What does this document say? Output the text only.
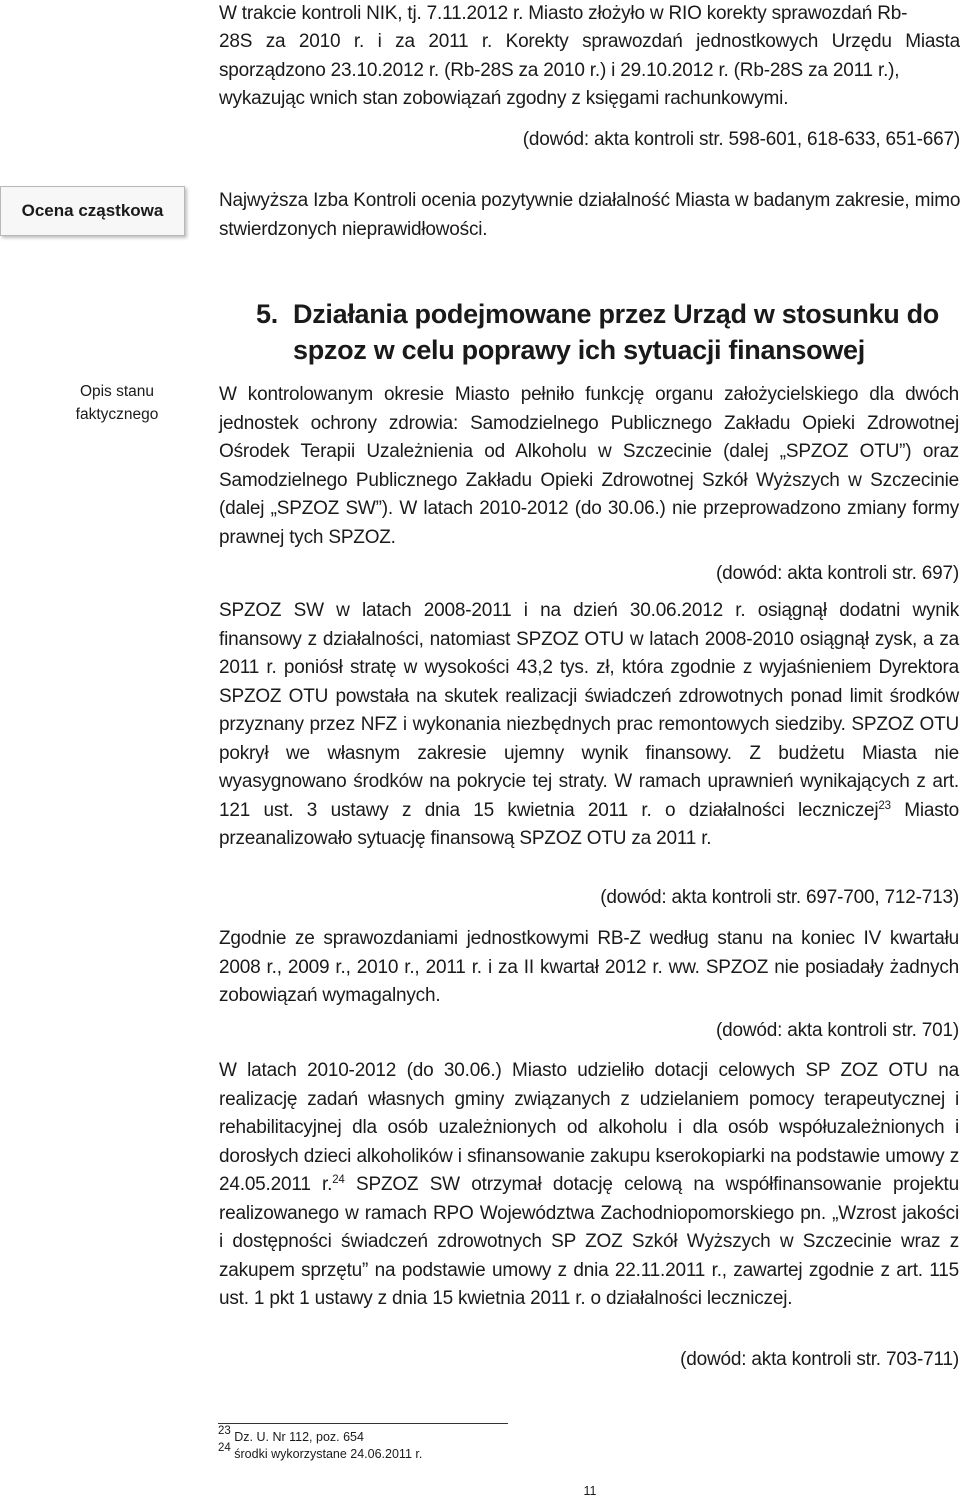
W trakcie kontroli NIK, tj. 7.11.2012 r. Miasto złożyło w RIO korekty sprawozdań Rb-
28S za 2010 r. i za 2011 r. Korekty sprawozdań jednostkowych Urzędu Miasta
sporządzono 23.10.2012 r. (Rb-28S za 2010 r.) i 29.10.2012 r. (Rb-28S za 2011 r.),
wykazując wnich stan zobowiązań zgodny z księgami rachunkowymi.
(dowód: akta kontroli str. 598-601, 618-633, 651-667)
Ocena cząstkowa	Najwyższa Izba Kontroli ocenia pozytywnie działalność Miasta w badanym zakresie, mimo stwierdzonych nieprawidłowości.
5. Działania podejmowane przez Urząd w stosunku do
spzoz w celu poprawy ich sytuacji finansowej
Opis stanu faktycznego
W kontrolowanym okresie Miasto pełniło funkcję organu założycielskiego dla dwóch jednostek ochrony zdrowia: Samodzielnego Publicznego Zakładu Opieki Zdrowotnej Ośrodek Terapii Uzależnienia od Alkoholu w Szczecinie (dalej „SPZOZ OTU”) oraz Samodzielnego Publicznego Zakładu Opieki Zdrowotnej Szkół Wyższych w Szczecinie (dalej „SPZOZ SW”). W latach 2010-2012 (do 30.06.) nie przeprowadzono zmiany formy prawnej tych SPZOZ.
(dowód: akta kontroli str. 697)
SPZOZ SW w latach 2008-2011 i na dzień 30.06.2012 r. osiągnął dodatni wynik finansowy z działalności, natomiast SPZOZ OTU w latach 2008-2010 osiągnął zysk, a za 2011 r. poniósł stratę w wysokości 43,2 tys. zł, która zgodnie z wyjaśnieniem Dyrektora SPZOZ OTU powstała na skutek realizacji świadczeń zdrowotnych ponad limit środków przyznany przez NFZ i wykonania niezbędnych prac remontowych siedziby. SPZOZ OTU pokrył we własnym zakresie ujemny wynik finansowy. Z budżetu Miasta nie wyasygnowano środków na pokrycie tej straty. W ramach uprawnień wynikających z art. 121 ust. 3 ustawy z dnia 15 kwietnia 2011 r. o działalności leczniczej$^{23}$ Miasto przeanalizowało sytuację finansową SPZOZ OTU za 2011 r.
(dowód: akta kontroli str. 697-700, 712-713)
Zgodnie ze sprawozdaniami jednostkowymi RB-Z według stanu na koniec IV kwartału 2008 r., 2009 r., 2010 r., 2011 r. i za II kwartał 2012 r. ww. SPZOZ nie posiadały żadnych zobowiązań wymagalnych.
(dowód: akta kontroli str. 701)
W latach 2010-2012 (do 30.06.) Miasto udzieliło dotacji celowych SP ZOZ OTU na realizację zadań własnych gminy związanych z udzielaniem pomocy terapeutycznej i rehabilitacyjnej dla osób uzależnionych od alkoholu i dla osób współuzależnionych i dorosłych dzieci alkoholików i sfinansowanie zakupu kserokopiarki na podstawie umowy z 24.05.2011 r.$^{24}$ SPZOZ SW otrzymał dotację celową na współfinansowanie projektu realizowanego w ramach RPO Województwa Zachodniopomorskiego pn. „Wzrost jakości i dostępności świadczeń zdrowotnych SP ZOZ Szkół Wyższych w Szczecinie wraz z zakupem sprzętu” na podstawie umowy z dnia 22.11.2011 r., zawartej zgodnie z art. 115 ust. 1 pkt 1 ustawy z dnia 15 kwietnia 2011 r. o działalności leczniczej.
(dowód: akta kontroli str. 703-711)
$^{23}$ Dz. U. Nr 112, poz. 654
$^{24}$ środki wykorzystane 24.06.2011 r.
11
